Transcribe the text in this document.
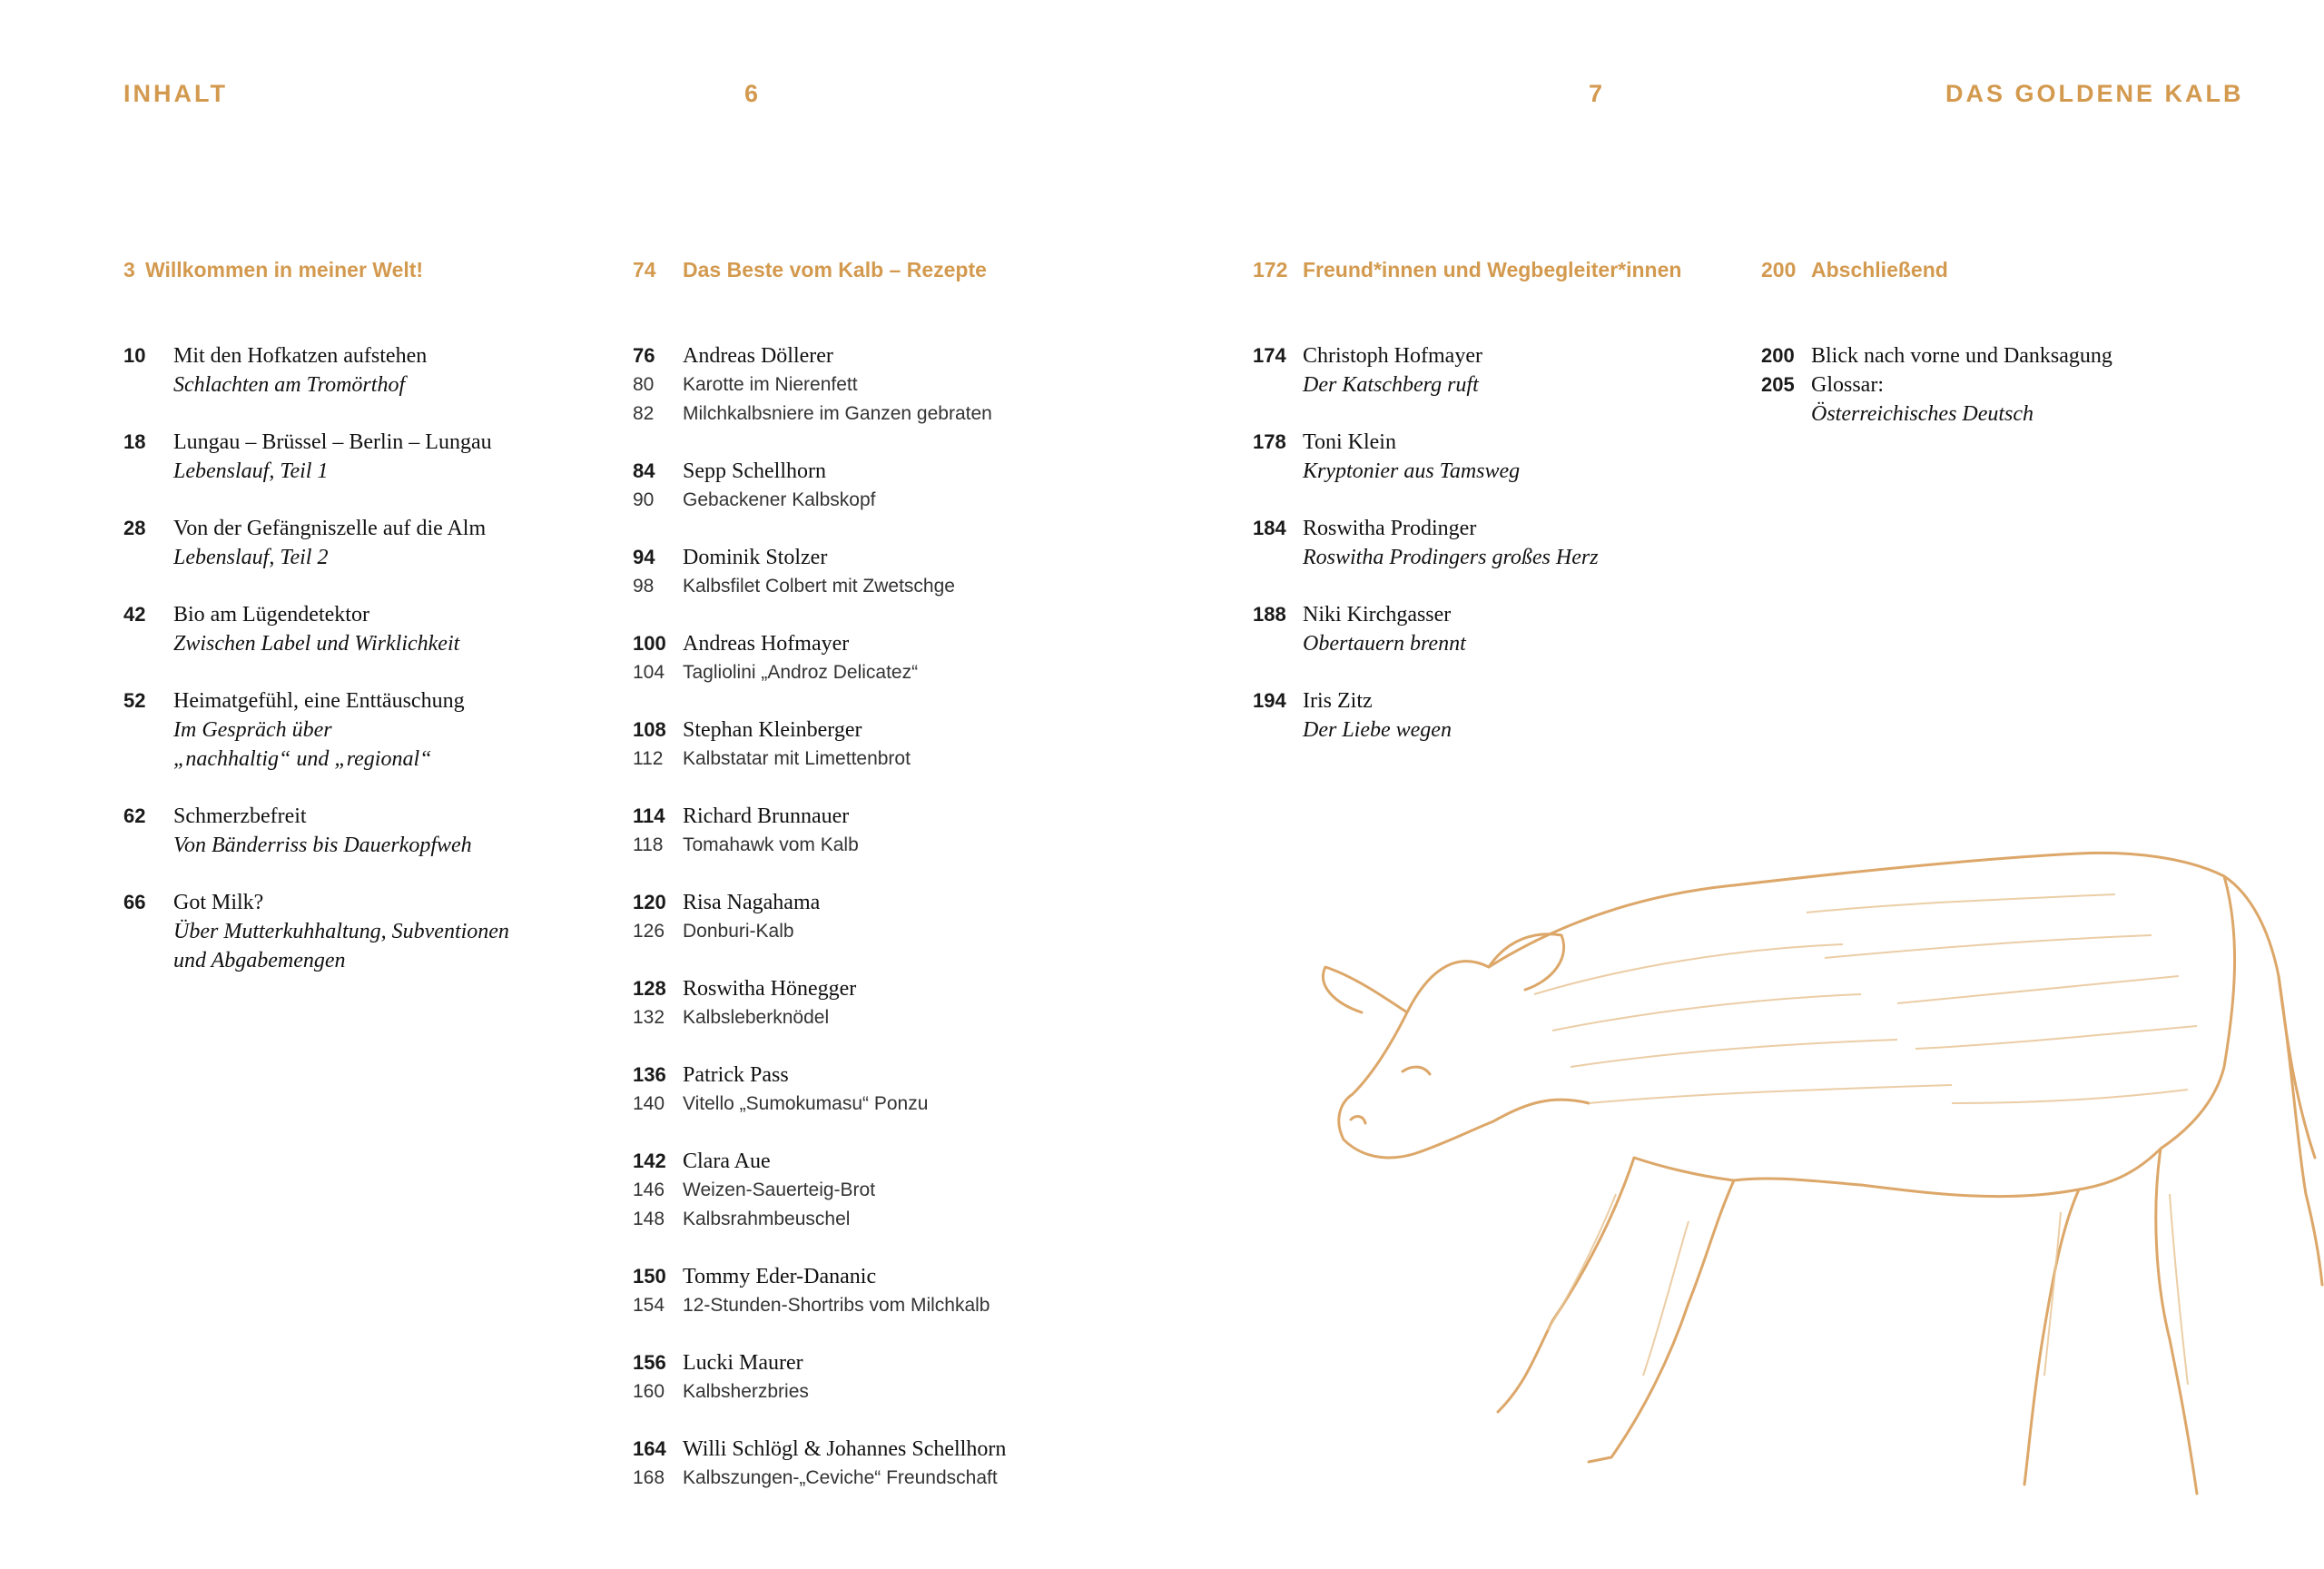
INHALT	6	7	DAS GOLDENE KALB
3 Willkommen in meiner Welt!
10	Mit den Hofkatzen aufstehen
Schlachten am Tromörthof
18	Lungau – Brüssel – Berlin – Lungau
Lebenslauf, Teil 1
28	Von der Gefängniszelle auf die Alm
Lebenslauf, Teil 2
42	Bio am Lügendetektor
Zwischen Label und Wirklichkeit
52	Heimatgefühl, eine Enttäuschung
Im Gespräch über
„nachhaltig“ und „regional“
62	Schmerzbefreit
Von Bänderriss bis Dauerkopfweh
66	Got Milk?
Über Mutterkuhhaltung, Subventionen
und Abgabemengen
74	Das Beste vom Kalb – Rezepte
76	Andreas Döllerer
80	Karotte im Nierenfett
82	Milchkalbsniere im Ganzen gebraten
84	Sepp Schellhorn
90	Gebackener Kalbskopf
94	Dominik Stolzer
98	Kalbsfilet Colbert mit Zwetschge
100 Andreas Hofmayer
104 Tagliolini „Androz Delicatez“
108 Stephan Kleinberger
112	Kalbstatar mit Limettenbrot
114 Richard Brunnauer
118	Tomahawk vom Kalb
120 Risa Nagahama
126 Donburi-Kalb
128 Roswitha Hönegger
132 Kalbsleberknödel
136 Patrick Pass
140 Vitello „Sumokumasu“ Ponzu
142 Clara Aue
146 Weizen-Sauerteig-Brot
148 Kalbsrahmbeuschel
150 Tommy Eder-Dananic
154 12-Stunden-Shortribs vom Milchkalb
156 Lucki Maurer
160 Kalbsherzbries
164 Willi Schlögl & Johannes Schellhorn
168 Kalbszungen-„Ceviche“ Freundschaft
172 Freund*innen und Wegbegleiter*innen
174 Christoph Hofmayer
Der Katschberg ruft
178 Toni Klein
Kryptonier aus Tamsweg
184 Roswitha Prodinger
Roswitha Prodingers großes Herz
188 Niki Kirchgasser
Obertauern brennt
194 Iris Zitz
Der Liebe wegen
200 Abschließend
200 Blick nach vorne und Danksagung
205 Glossar:
Österreichisches Deutsch
